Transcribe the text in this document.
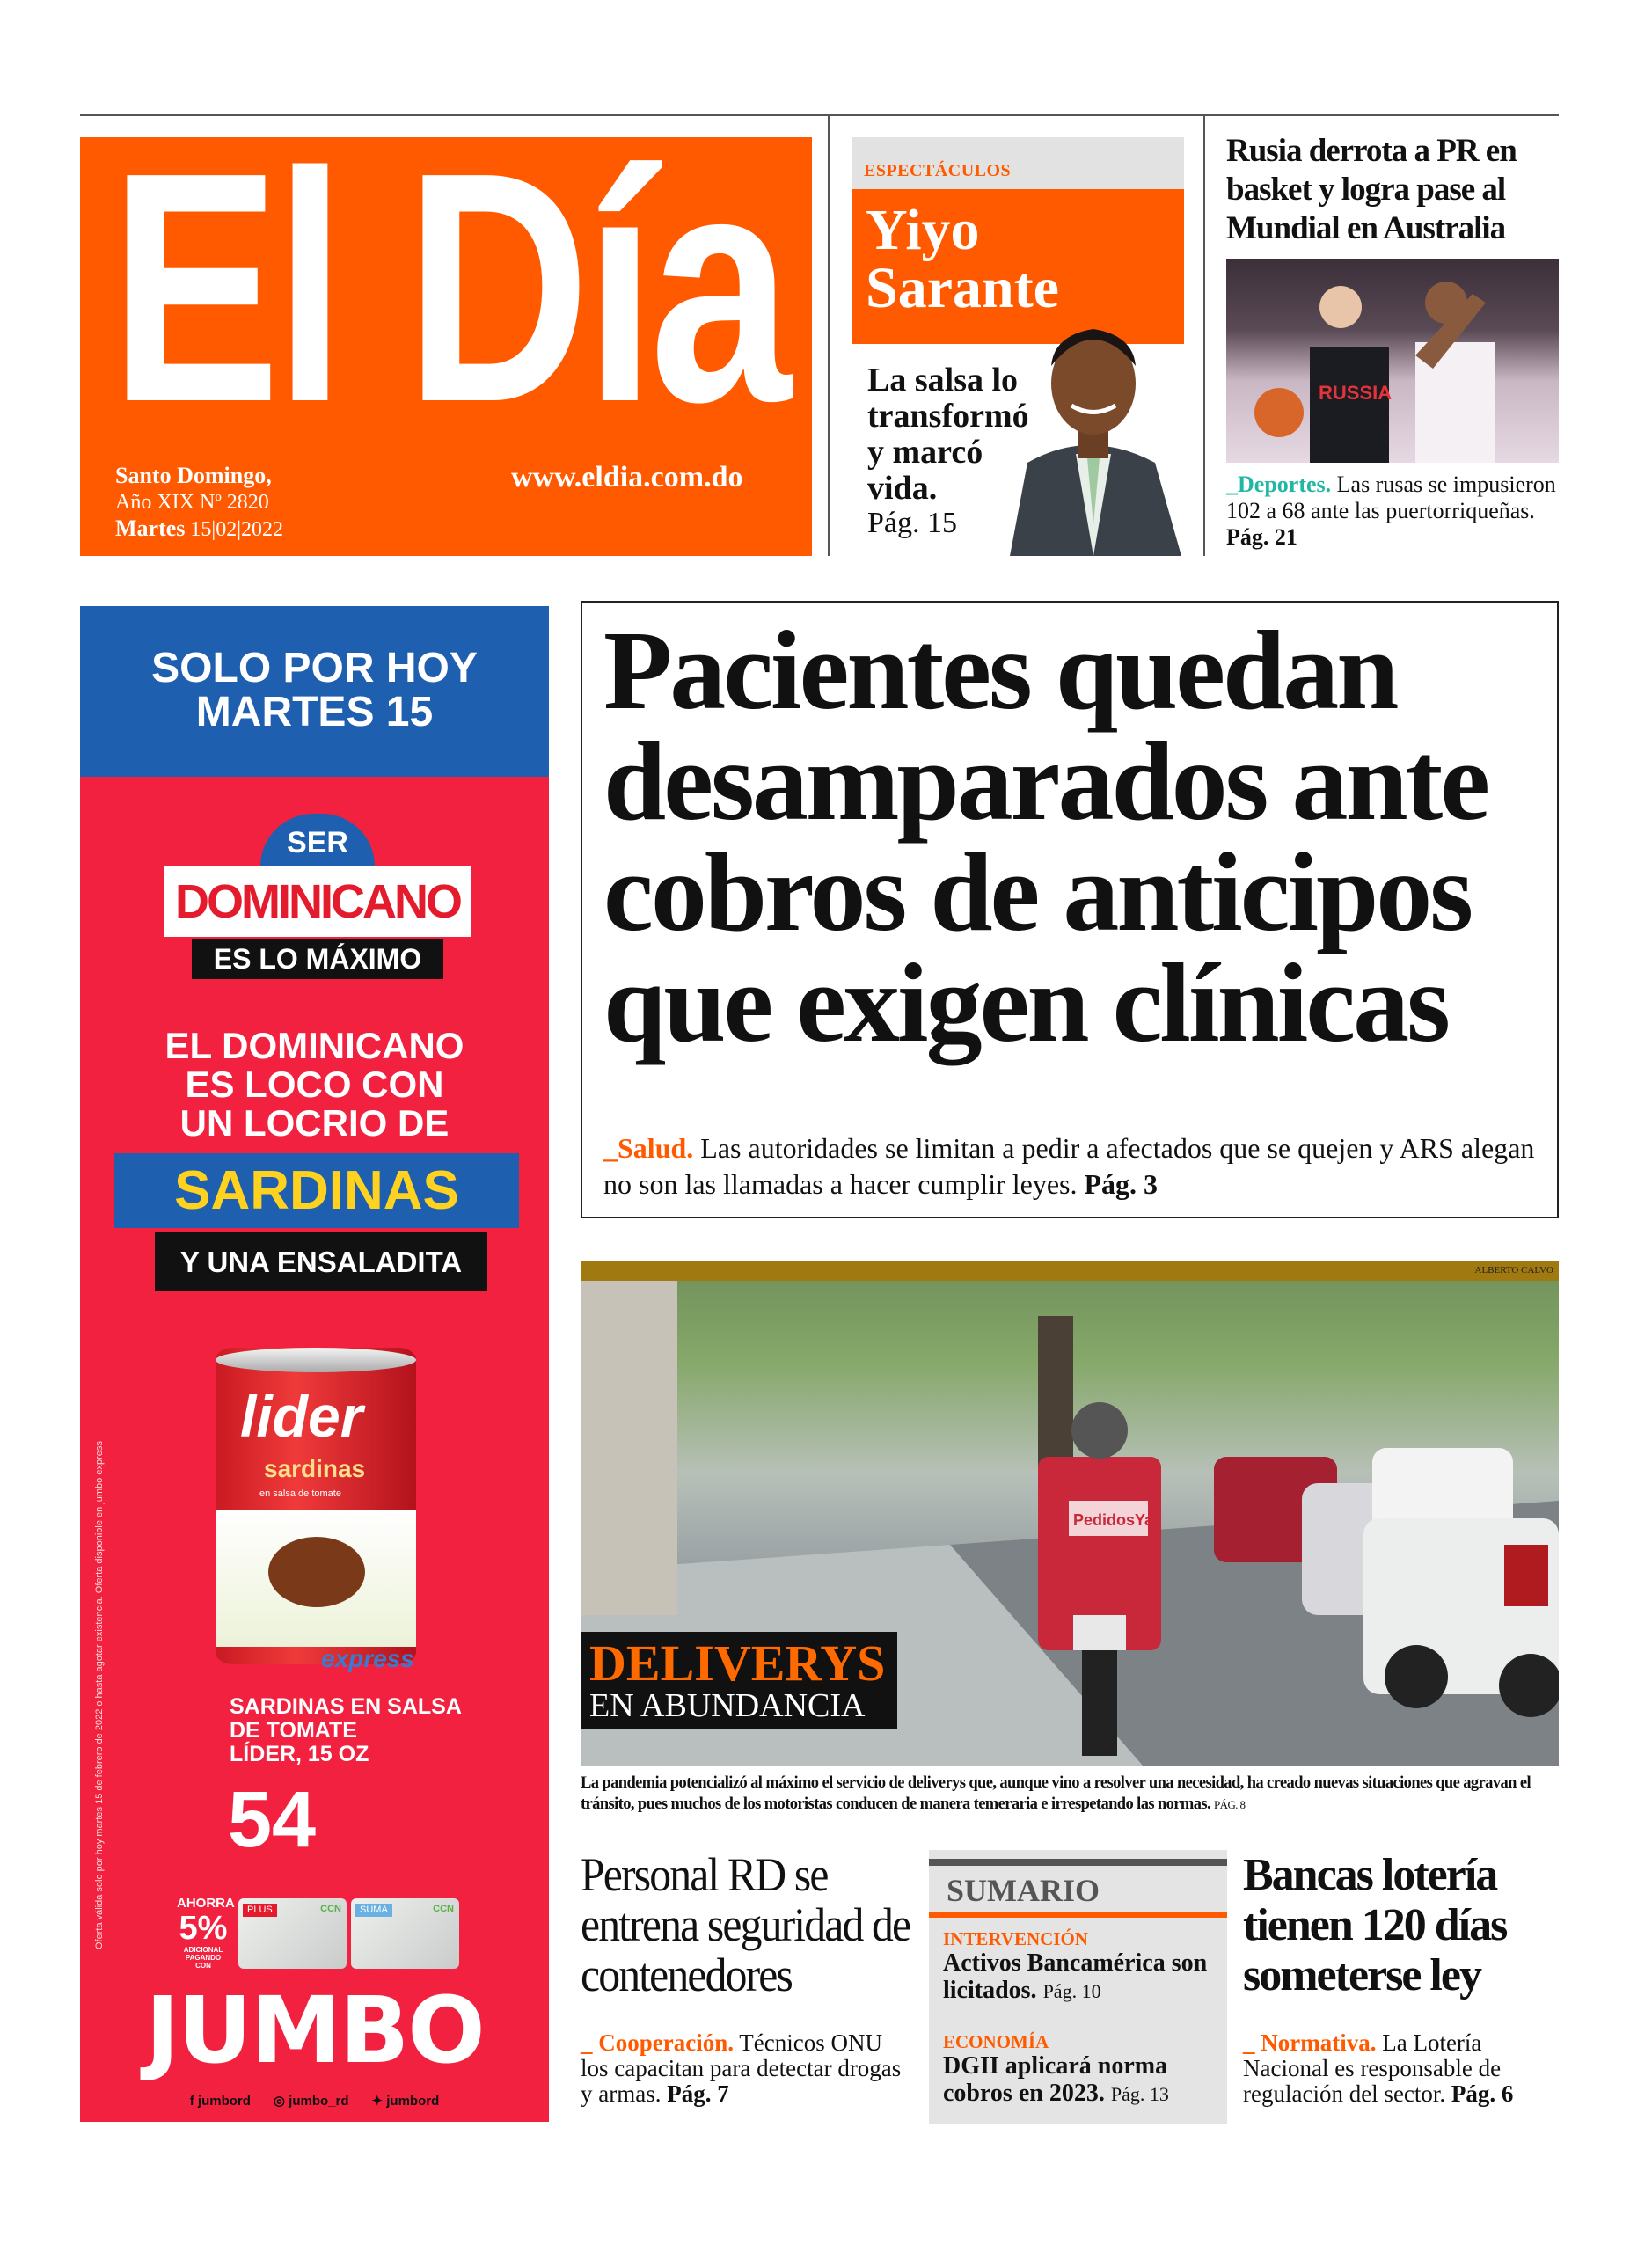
El Día
Santo Domingo,
Año XIX Nº 2820
Martes 15|02|2022
www.eldia.com.do
ESPECTÁCULOS
Yiyo
Sarante
La salsa lo transformó y marcó vida.
Pág. 15
Rusia derrota a PR en basket y logra pase al Mundial en Australia
RUSSIA
_Deportes. Las rusas se impusieron 102 a 68 ante las puertorriqueñas. Pág. 21
SOLO POR HOY
MARTES 15
SER
DOMINICANO
ES LO MÁXIMO
EL DOMINICANO
ES LOCO CON
UN LOCRIO DE
SARDINAS
Y UNA ENSALADITA
lider
sardinas
en salsa de tomate
express
SARDINAS EN SALSA
DE TOMATE
LÍDER, 15 OZ
54
AHORRA
5%
ADICIONAL PAGANDO CON
PLUS	CCN	SUMA	CCN
JUMBO
f jumbord ◎ jumbo_rd ✦ jumbord
Oferta válida solo por hoy martes 15 de febrero de 2022 o hasta agotar existencia. Oferta disponible en jumbo express
Pacientes quedan desamparados ante cobros de anticipos que exigen clínicas
_Salud. Las autoridades se limitan a pedir a afectados que se quejen y ARS alegan no son las llamadas a hacer cumplir leyes. Pág. 3
ALBERTO CALVO
PedidosYa
DELIVERYS
EN ABUNDANCIA
La pandemia potencializó al máximo el servicio de deliverys que, aunque vino a resolver una necesidad, ha creado nuevas situaciones que agravan el tránsito, pues muchos de los motoristas conducen de manera temeraria e irrespetando las normas. PÁG. 8
Personal RD se entrena seguridad de contenedores
_ Cooperación. Técnicos ONU los capacitan para detectar drogas y armas. Pág. 7
SUMARIO
INTERVENCIÓN
Activos Bancamérica son licitados. Pág. 10
ECONOMÍA
DGII aplicará norma cobros en 2023. Pág. 13
Bancas lotería tienen 120 días someterse ley
_ Normativa. La Lotería Nacional es responsable de regulación del sector. Pág. 6
